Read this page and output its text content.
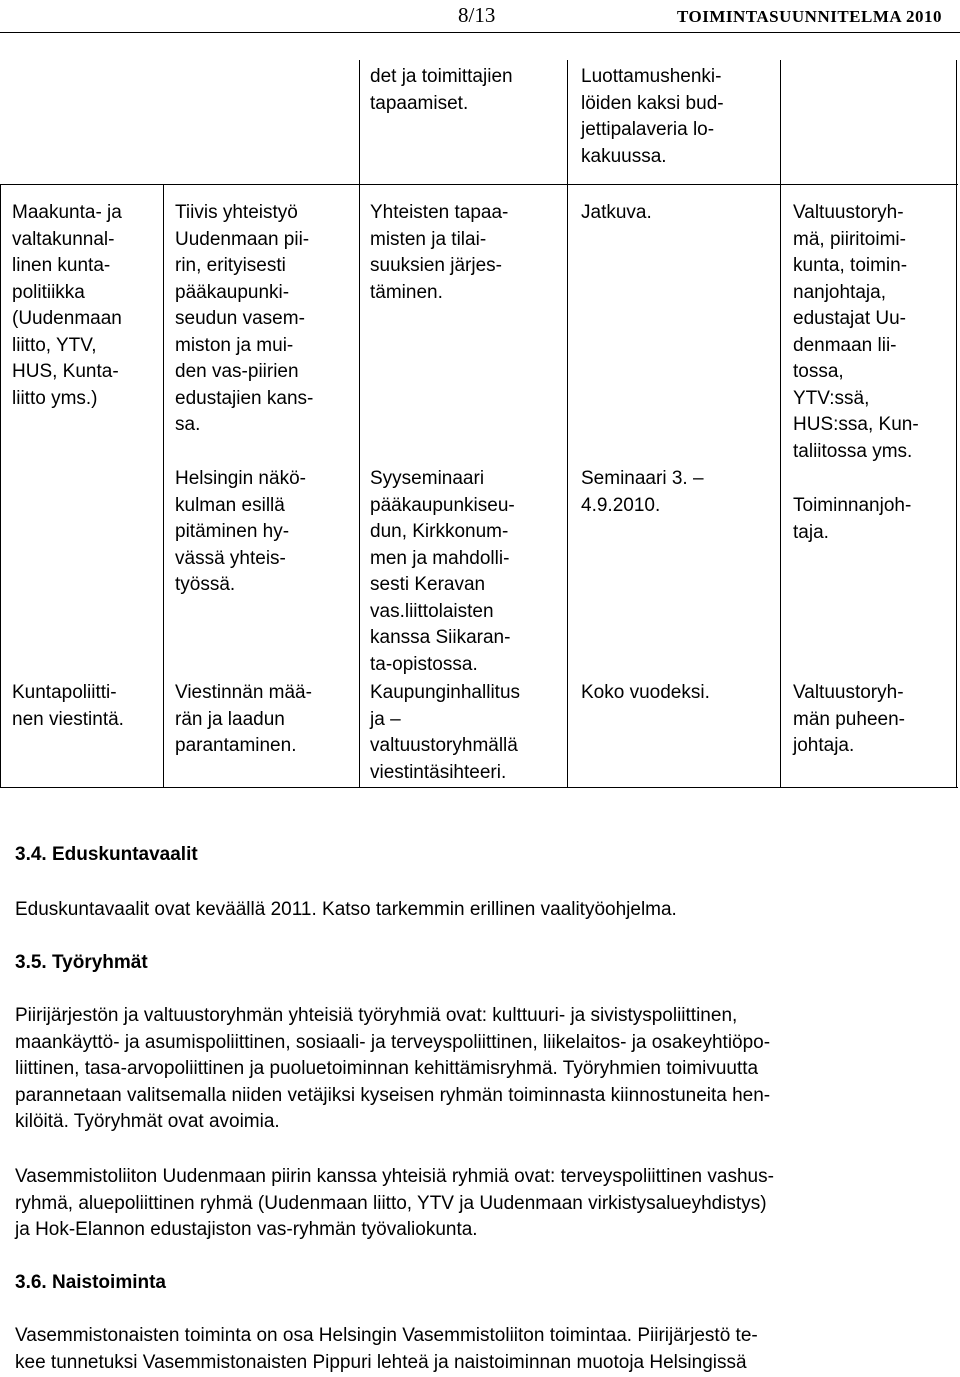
8/13	TOIMINTASUUNNITELMA 2010
det ja toimittajien
tapaamiset.
Luottamushenki-
löiden kaksi bud-
jettipalaveria lo-
kakuussa.
Maakunta- ja
valtakunnal-
linen kunta-
politiikka
(Uudenmaan
liitto, YTV,
HUS, Kunta-
liitto yms.)
Tiivis yhteistyö
Uudenmaan pii-
rin, erityisesti
pääkaupunki-
seudun vasem-
miston ja mui-
den vas-piirien
edustajien kans-
sa.
Helsingin näkö-
kulman esillä
pitäminen hy-
vässä yhteis-
työssä.
Yhteisten tapaa-
misten ja tilai-
suuksien järjes-
täminen.
Syyseminaari
pääkaupunkiseu-
dun, Kirkkonum-
men ja mahdolli-
sesti Keravan
vas.liittolaisten
kanssa Siikaran-
ta-opistossa.
Jatkuva.
Seminaari 3. –
4.9.2010.
Valtuustoryh-
mä, piiritoimi-
kunta, toimin-
nanjohtaja,
edustajat Uu-
denmaan lii-
tossa,
YTV:ssä,
HUS:ssa, Kun-
taliitossa yms.
Toiminnanjoh-
taja.
Kuntapoliitti-
nen viestintä.
Viestinnän mää-
rän ja laadun
parantaminen.
Kaupunginhallitus
ja –
valtuustoryhmällä
viestintäsihteeri.
Koko vuodeksi.	Valtuustoryh-
män puheen-
johtaja.
3.4. Eduskuntavaalit
Eduskuntavaalit ovat keväällä 2011. Katso tarkemmin erillinen vaalityöohjelma.
3.5. Työryhmät
Piirijärjestön ja valtuustoryhmän yhteisiä työryhmiä ovat: kulttuuri- ja sivistyspoliittinen,
maankäyttö- ja asumispoliittinen, sosiaali- ja terveyspoliittinen, liikelaitos- ja osakeyhtiöpo-
liittinen, tasa-arvopoliittinen ja puoluetoiminnan kehittämisryhmä. Työryhmien toimivuutta
parannetaan valitsemalla niiden vetäjiksi kyseisen ryhmän toiminnasta kiinnostuneita hen-
kilöitä. Työryhmät ovat avoimia.
Vasemmistoliiton Uudenmaan piirin kanssa yhteisiä ryhmiä ovat: terveyspoliittinen vashus-
ryhmä, aluepoliittinen ryhmä (Uudenmaan liitto, YTV ja Uudenmaan virkistysalueyhdistys)
ja Hok-Elannon edustajiston vas-ryhmän työvaliokunta.
3.6. Naistoiminta
Vasemmistonaisten toiminta on osa Helsingin Vasemmistoliiton toimintaa. Piirijärjestö te-
kee tunnetuksi Vasemmistonaisten Pippuri lehteä ja naistoiminnan muotoja Helsingissä
